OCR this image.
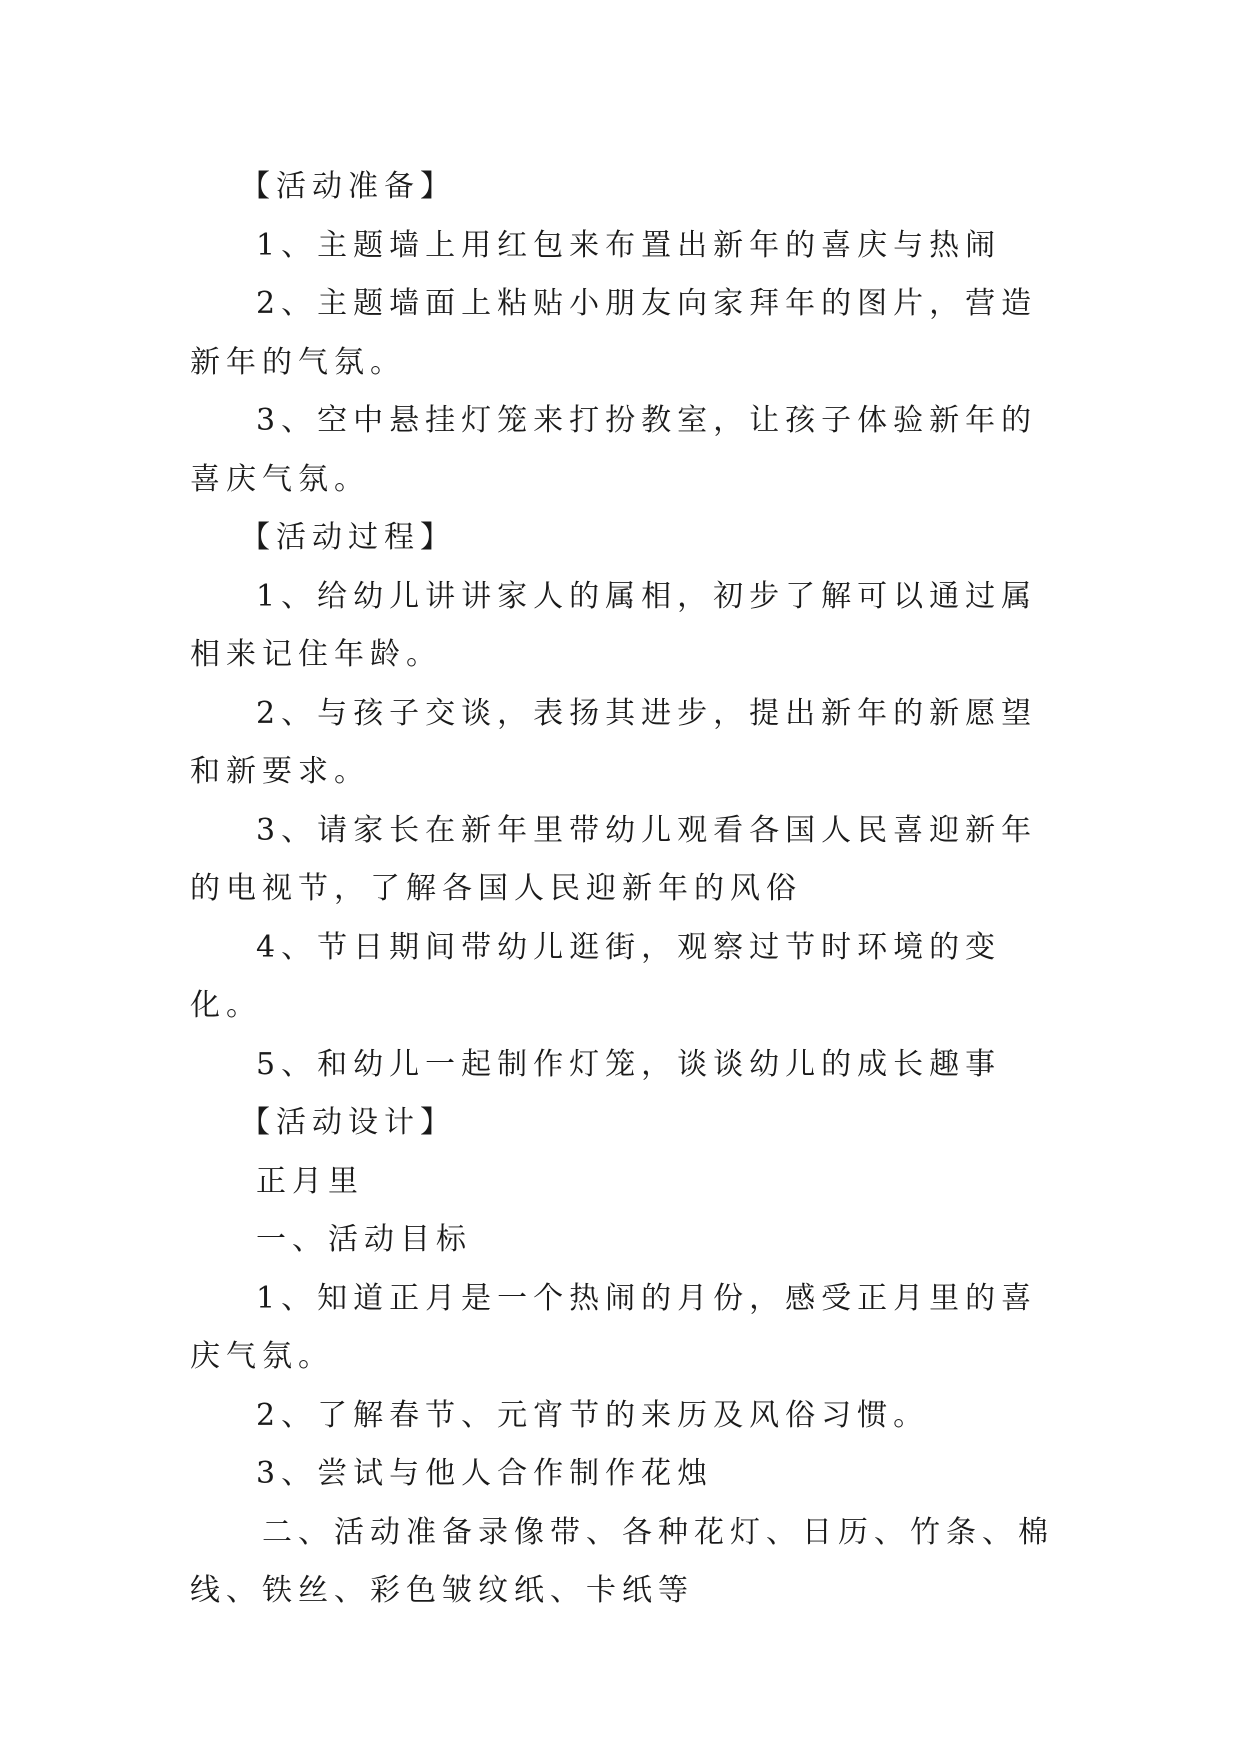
【活动准备】

1、主题墙上用红包来布置出新年的喜庆与热闹

2、主题墙面上粘贴小朋友向家拜年的图片，营造新年的气氛。

3、空中悬挂灯笼来打扮教室，让孩子体验新年的喜庆气氛。

【活动过程】

1、给幼儿讲讲家人的属相，初步了解可以通过属相来记住年龄。

2、与孩子交谈，表扬其进步，提出新年的新愿望和新要求。

3、请家长在新年里带幼儿观看各国人民喜迎新年的电视节，了解各国人民迎新年的风俗

4、节日期间带幼儿逛街，观察过节时环境的变化。

5、和幼儿一起制作灯笼，谈谈幼儿的成长趣事

【活动设计】

正月里

一、活动目标

1、知道正月是一个热闹的月份，感受正月里的喜庆气氛。

2、了解春节、元宵节的来历及风俗习惯。

3、尝试与他人合作制作花烛

二、活动准备录像带、各种花灯、日历、竹条、棉线、铁丝、彩色皱纹纸、卡纸等
